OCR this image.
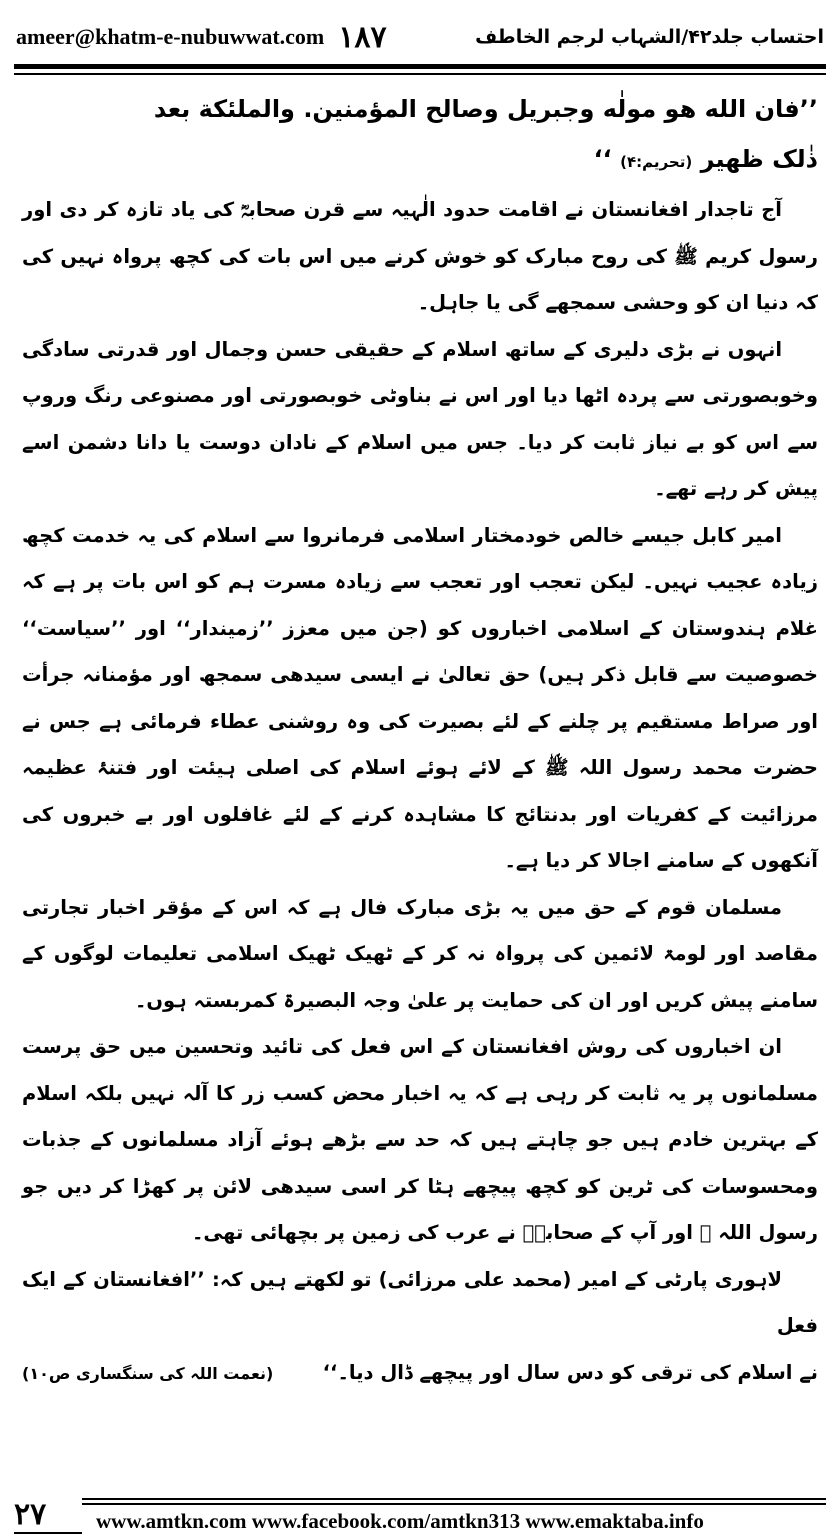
ameer@khatm-e-nubuwwat.com ۱۸۷	احتساب جلد۴۲/الشہاب لرجم الخاطف

’’فان الله ھو مولٰه وجبریل وصالح المؤمنین. والملئکة بعد
ذٰلک ظهیر (تحریم:۴) ‘‘

آج تاجدار افغانستان نے اقامت حدود الٰہیہ سے قرن صحابہؓ کی یاد تازہ کر دی اور رسول کریم ﷺ کی روح مبارک کو خوش کرنے میں اس بات کی کچھ پرواہ نہیں کی کہ دنیا ان کو وحشی سمجھے گی یا جاہل۔

انہوں نے بڑی دلیری کے ساتھ اسلام کے حقیقی حسن وجمال اور قدرتی سادگی وخوبصورتی سے پردہ اٹھا دیا اور اس نے بناوٹی خوبصورتی اور مصنوعی رنگ وروپ سے اس کو بے نیاز ثابت کر دیا۔ جس میں اسلام کے نادان دوست یا دانا دشمن اسے پیش کر رہے تھے۔

امیر کابل جیسے خالص خودمختار اسلامی فرمانروا سے اسلام کی یہ خدمت کچھ زیادہ عجیب نہیں۔ لیکن تعجب اور تعجب سے زیادہ مسرت ہم کو اس بات پر ہے کہ غلام ہندوستان کے اسلامی اخباروں کو (جن میں معزز ’’زمیندار‘‘ اور ’’سیاست‘‘ خصوصیت سے قابل ذکر ہیں) حق تعالیٰ نے ایسی سیدھی سمجھ اور مؤمنانہ جرأت اور صراط مستقیم پر چلنے کے لئے بصیرت کی وہ روشنی عطاء فرمائی ہے جس نے حضرت محمد رسول اللہ ﷺ کے لائے ہوئے اسلام کی اصلی ہیئت اور فتنۂ عظیمہ مرزائیت کے کفریات اور بدنتائج کا مشاہدہ کرنے کے لئے غافلوں اور بے خبروں کی آنکھوں کے سامنے اجالا کر دیا ہے۔

مسلمان قوم کے حق میں یہ بڑی مبارک فال ہے کہ اس کے مؤقر اخبار تجارتی مقاصد اور لومۃ لائمین کی پرواہ نہ کر کے ٹھیک ٹھیک اسلامی تعلیمات لوگوں کے سامنے پیش کریں اور ان کی حمایت پر علیٰ وجہ البصیرۃ کمربستہ ہوں۔

ان اخباروں کی روش افغانستان کے اس فعل کی تائید وتحسین میں حق پرست مسلمانوں پر یہ ثابت کر رہی ہے کہ یہ اخبار محض کسب زر کا آلہ نہیں بلکہ اسلام کے بہترین خادم ہیں جو چاہتے ہیں کہ حد سے بڑھے ہوئے آزاد مسلمانوں کے جذبات ومحسوسات کی ٹرین کو کچھ پیچھے ہٹا کر اسی سیدھی لائن پر کھڑا کر دیں جو رسول اللہ ﷺ اور آپ کے صحابہؓ نے عرب کی زمین پر بچھائی تھی۔

لاہوری پارٹی کے امیر (محمد علی مرزائی) تو لکھتے ہیں کہ: ’’افغانستان کے ایک فعل

نے اسلام کی ترقی کو دس سال اور پیچھے ڈال دیا۔‘‘
(نعمت اللہ کی سنگساری ص۱۰)
۲۷	www.amtkn.com www.facebook.com/amtkn313 www.emaktaba.info
